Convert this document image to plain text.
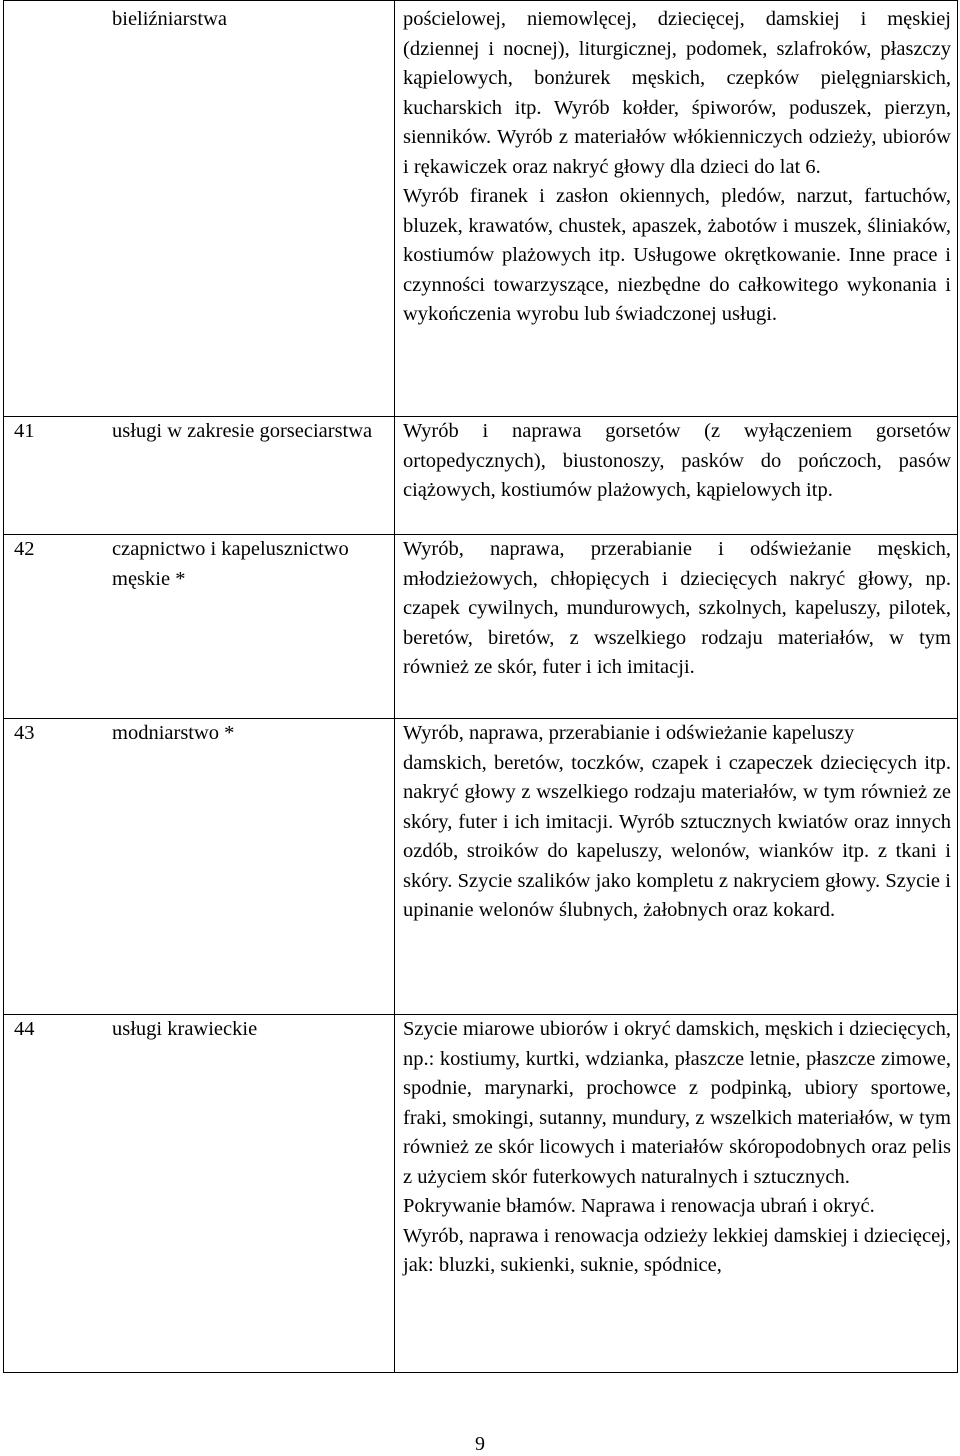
	bieliźniarstwa	pościelowej, niemowlęcej, dziecięcej, damskiej i męskiej (dziennej i nocnej), liturgicznej, podomek, szlafroków, płaszczy kąpielowych, bonżurek męskich, czepków pielęgniarskich, kucharskich itp. Wyrób kołder, śpiworów, poduszek, pierzyn, sienników. Wyrób z materiałów włókienniczych odzieży, ubiorów i rękawiczek oraz nakryć głowy dla dzieci do lat 6.
Wyrób firanek i zasłon okiennych, pledów, narzut, fartuchów, bluzek, krawatów, chustek, apaszek, żabotów i muszek, śliniaków, kostiumów plażowych itp. Usługowe okrętkowanie. Inne prace i czynności towarzyszące, niezbędne do całkowitego wykonania i wykończenia wyrobu lub świadczonej usługi.

41	usługi w zakresie gorseciarstwa	Wyrób i naprawa gorsetów (z wyłączeniem gorsetów ortopedycznych), biustonoszy, pasków do pończoch, pasów ciążowych, kostiumów plażowych, kąpielowych itp.

42	czapnictwo i kapelusznictwo męskie *	Wyrób, naprawa, przerabianie i odświeżanie męskich, młodzieżowych, chłopięcych i dziecięcych nakryć głowy, np. czapek cywilnych, mundurowych, szkolnych, kapeluszy, pilotek, beretów, biretów, z wszelkiego rodzaju materiałów, w tym również ze skór, futer i ich imitacji.

43	modniarstwo *	Wyrób, naprawa, przerabianie i odświeżanie kapeluszy
damskich, beretów, toczków, czapek i czapeczek dziecięcych itp. nakryć głowy z wszelkiego rodzaju materiałów, w tym również ze skóry, futer i ich imitacji. Wyrób sztucznych kwiatów oraz innych ozdób, stroików do kapeluszy, welonów, wianków itp. z tkani i skóry. Szycie szalików jako kompletu z nakryciem głowy. Szycie i upinanie welonów ślubnych, żałobnych oraz kokard.

44	usługi krawieckie	Szycie miarowe ubiorów i okryć damskich, męskich i dziecięcych, np.: kostiumy, kurtki, wdzianka, płaszcze letnie, płaszcze zimowe, spodnie, marynarki, prochowce z podpinką, ubiory sportowe, fraki, smokingi, sutanny, mundury, z wszelkich materiałów, w tym również ze skór licowych i materiałów skóropodobnych oraz pelis z użyciem skór futerkowych naturalnych i sztucznych.
Pokrywanie błamów. Naprawa i renowacja ubrań i okryć.
Wyrób, naprawa i renowacja odzieży lekkiej damskiej i dziecięcej, jak: bluzki, sukienki, suknie, spódnice,
9
